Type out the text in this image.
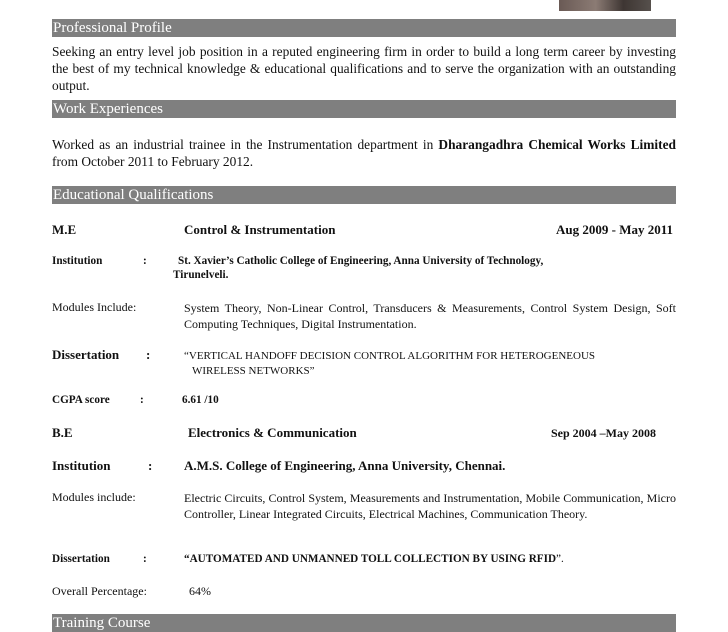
Professional Profile

Seeking an entry level job position in a reputed engineering firm in order to build a long term career by investing the best of my technical knowledge & educational qualifications and to serve the organization with an outstanding output.

Work Experiences

Worked as an industrial trainee in the Instrumentation department in Dharangadhra Chemical Works Limited from October 2011 to February 2012.

Educational Qualifications
M.E	Control & Instrumentation	Aug 2009 - May 2011
Institution	:	St. Xavier’s Catholic College of Engineering, Anna University of Technology,
Tirunelveli.
Modules Include:	System Theory, Non-Linear Control, Transducers & Measurements, Control System Design, Soft Computing Techniques, Digital Instrumentation.

Dissertation :	“VERTICAL HANDOFF DECISION CONTROL ALGORITHM FOR HETEROGENEOUS
WIRELESS NETWORKS”
CGPA score	:	6.61 /10
B.E	Electronics & Communication	Sep 2004 –May 2008
Institution	: A.M.S. College of Engineering, Anna University, Chennai.
Modules include:	Electric Circuits, Control System, Measurements and Instrumentation, Mobile Communication, Micro Controller, Linear Integrated Circuits, Electrical Machines, Communication Theory.

Dissertation	:	“AUTOMATED AND UNMANNED TOLL COLLECTION BY USING RFID”.
Overall Percentage:	64%
Training Course
